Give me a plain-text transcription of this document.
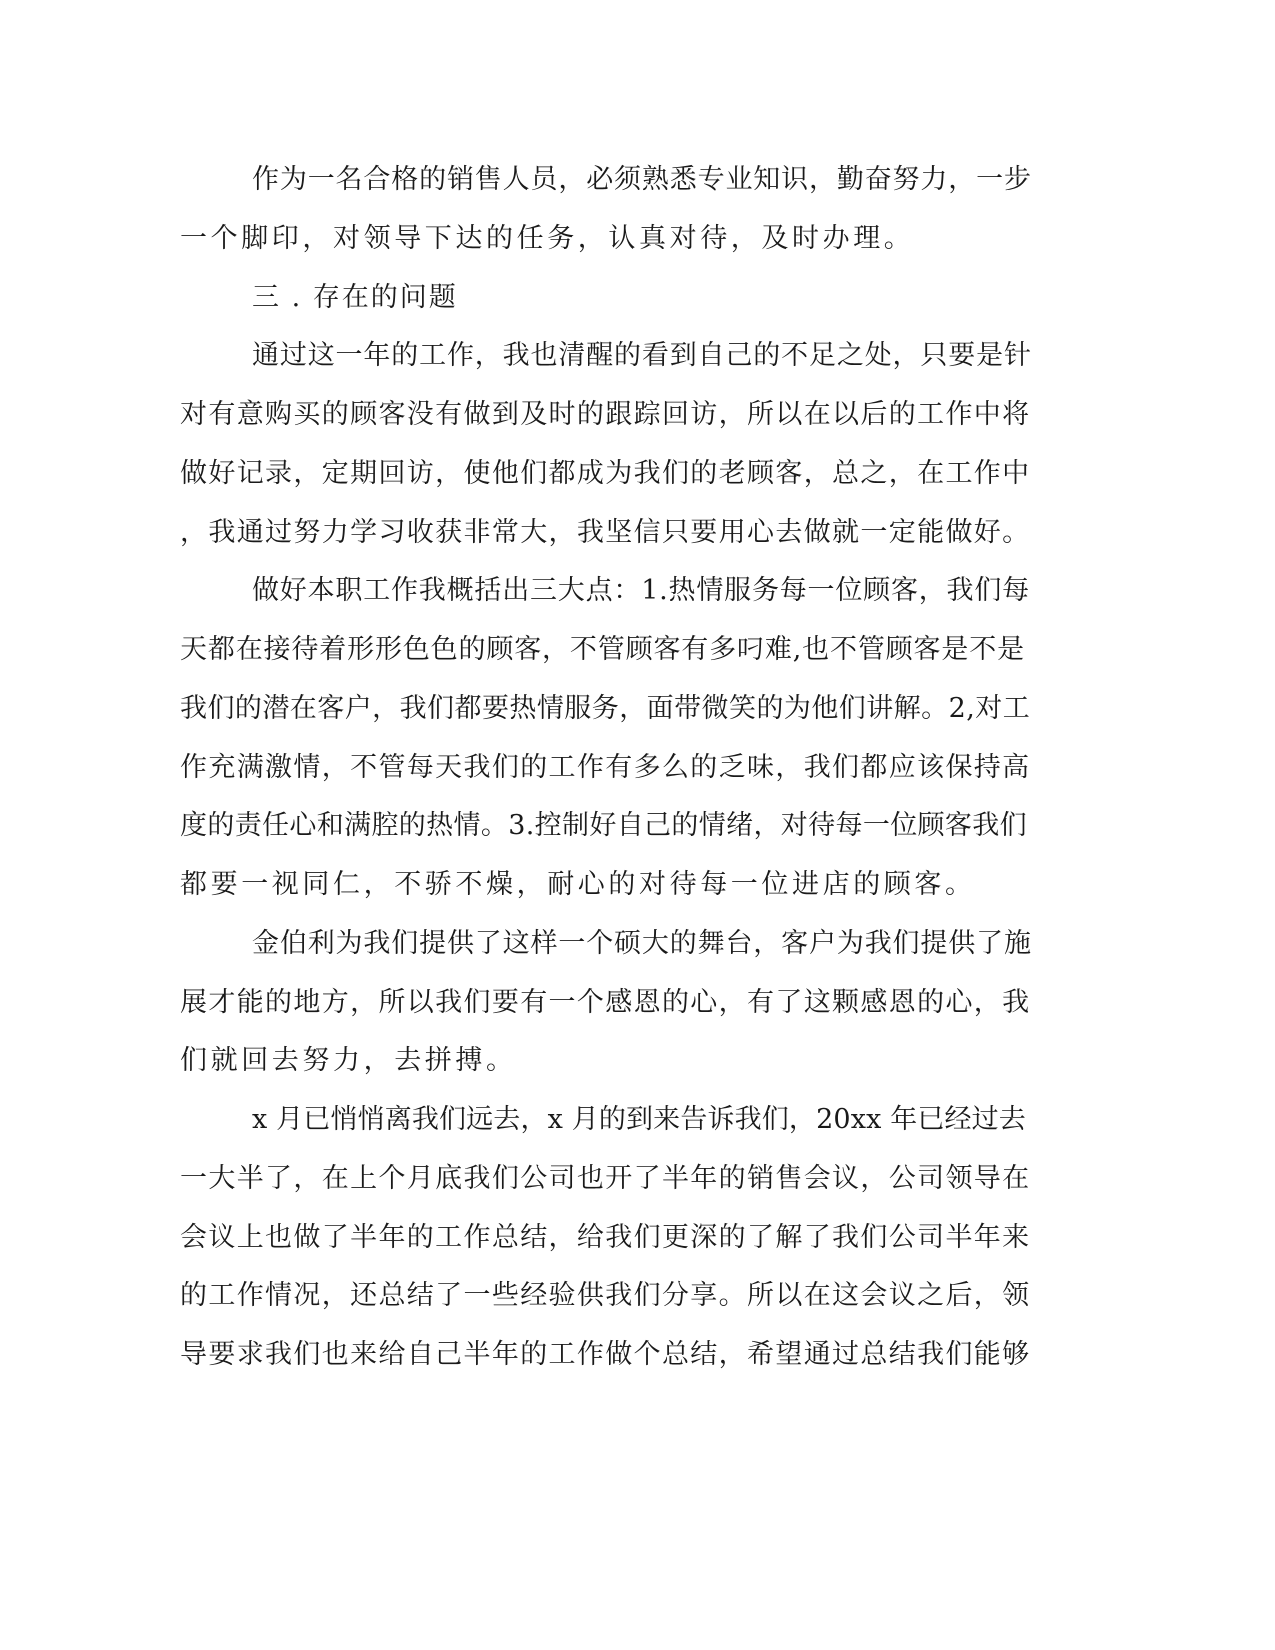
作为一名合格的销售人员，必须熟悉专业知识，勤奋努力，一步
一个脚印，对领导下达的任务，认真对待，及时办理。
三 . 存在的问题
通过这一年的工作，我也清醒的看到自己的不足之处，只要是针
对有意购买的顾客没有做到及时的跟踪回访，所以在以后的工作中将
做好记录，定期回访，使他们都成为我们的老顾客，总之，在工作中
，我通过努力学习收获非常大，我坚信只要用心去做就一定能做好。
做好本职工作我概括出三大点：1.热情服务每一位顾客，我们每
天都在接待着形形色色的顾客，不管顾客有多叼难,也不管顾客是不是
我们的潜在客户，我们都要热情服务，面带微笑的为他们讲解。2,对工
作充满激情，不管每天我们的工作有多么的乏味，我们都应该保持高
度的责任心和满腔的热情。3.控制好自己的情绪，对待每一位顾客我们
都要一视同仁，不骄不燥，耐心的对待每一位进店的顾客。
金伯利为我们提供了这样一个硕大的舞台，客户为我们提供了施
展才能的地方，所以我们要有一个感恩的心，有了这颗感恩的心，我
们就回去努力，去拼搏。
x 月已悄悄离我们远去，x 月的到来告诉我们，20xx 年已经过去
一大半了，在上个月底我们公司也开了半年的销售会议，公司领导在
会议上也做了半年的工作总结，给我们更深的了解了我们公司半年来
的工作情况，还总结了一些经验供我们分享。所以在这会议之后，领
导要求我们也来给自己半年的工作做个总结，希望通过总结我们能够
